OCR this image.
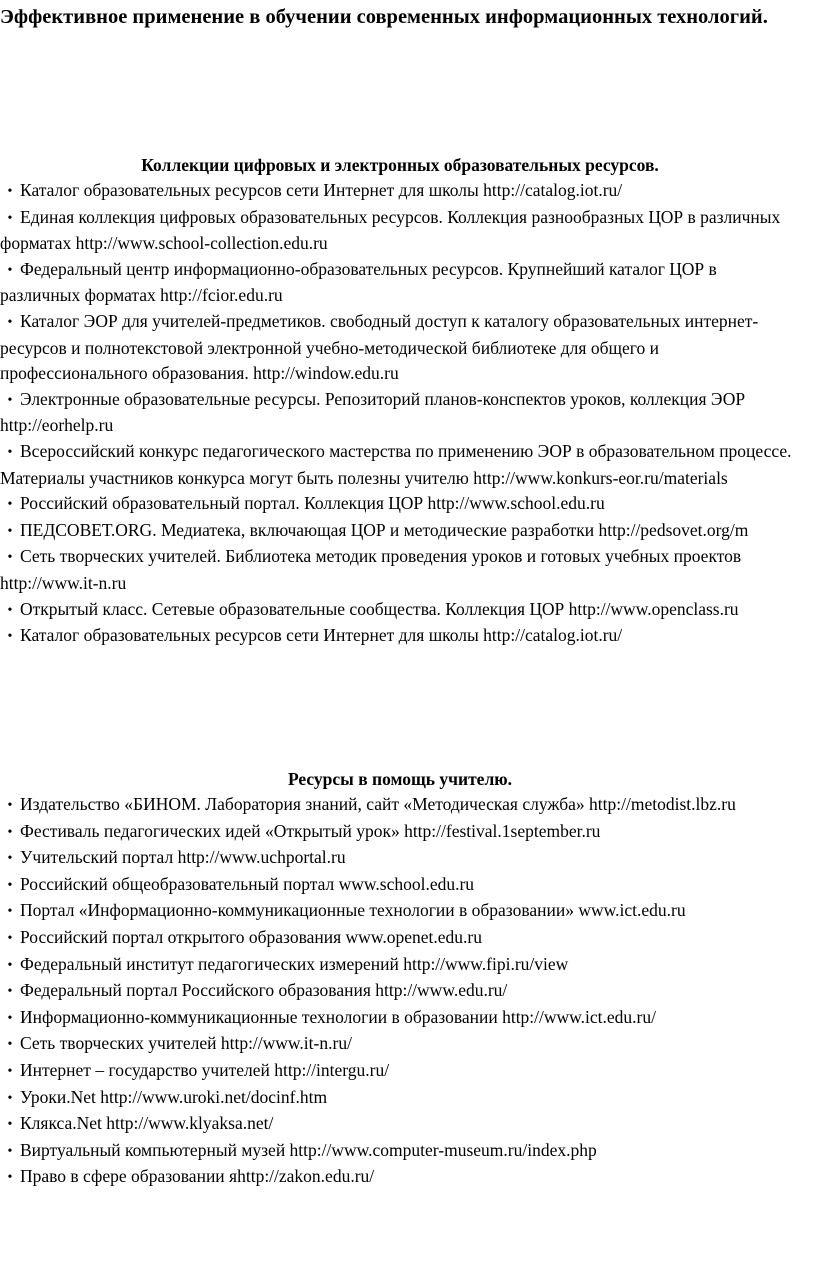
Эффективное применение в обучении современных информационных технологий.
Коллекции цифровых и электронных образовательных ресурсов.
• Каталог образовательных ресурсов сети Интернет для школы http://catalog.iot.ru/
• Единая коллекция цифровых образовательных ресурсов. Коллекция разнообразных ЦОР в различных форматах http://www.school-collection.edu.ru
• Федеральный центр информационно-образовательных ресурсов. Крупнейший каталог ЦОР в различных форматах http://fcior.edu.ru
• Каталог ЭОР для учителей-предметиков. свободный доступ к каталогу образовательных интернет-ресурсов и полнотекстовой электронной учебно-методической библиотеке для общего и профессионального образования. http://window.edu.ru
• Электронные образовательные ресурсы. Репозиторий планов-конспектов уроков, коллекция ЭОР http://eorhelp.ru
• Всероссийский конкурс педагогического мастерства по применению ЭОР в образовательном процессе. Материалы участников конкурса могут быть полезны учителю http://www.konkurs-eor.ru/materials
• Российский образовательный портал. Коллекция ЦОР http://www.school.edu.ru
• ПЕДСОВЕТ.ORG. Медиатека, включающая ЦОР и методические разработки http://pedsovet.org/m
• Сеть творческих учителей. Библиотека методик проведения уроков и готовых учебных проектов http://www.it-n.ru
• Открытый класс. Сетевые образовательные сообщества. Коллекция ЦОР http://www.openclass.ru
• Каталог образовательных ресурсов сети Интернет для школы http://catalog.iot.ru/
Ресурсы в помощь учителю.
• Издательство «БИНОМ. Лаборатория знаний, сайт «Методическая служба» http://metodist.lbz.ru
• Фестиваль педагогических идей «Открытый урок» http://festival.1september.ru
• Учительский портал http://www.uchportal.ru
• Российский общеобразовательный портал www.school.edu.ru
• Портал «Информационно-коммуникационные технологии в образовании» www.ict.edu.ru
• Российский портал открытого образования www.openet.edu.ru
• Федеральный институт педагогических измерений http://www.fipi.ru/view
• Федеральный портал Российского образования http://www.edu.ru/
• Информационно-коммуникационные технологии в образовании http://www.ict.edu.ru/
• Сеть творческих учителей http://www.it-n.ru/
• Интернет – государство учителей http://intergu.ru/
• Уроки.Net http://www.uroki.net/docinf.htm
• Клякса.Net http://www.klyaksa.net/
• Виртуальный компьютерный музей http://www.computer-museum.ru/index.php
• Право в сфере образовании яhttp://zakon.edu.ru/
